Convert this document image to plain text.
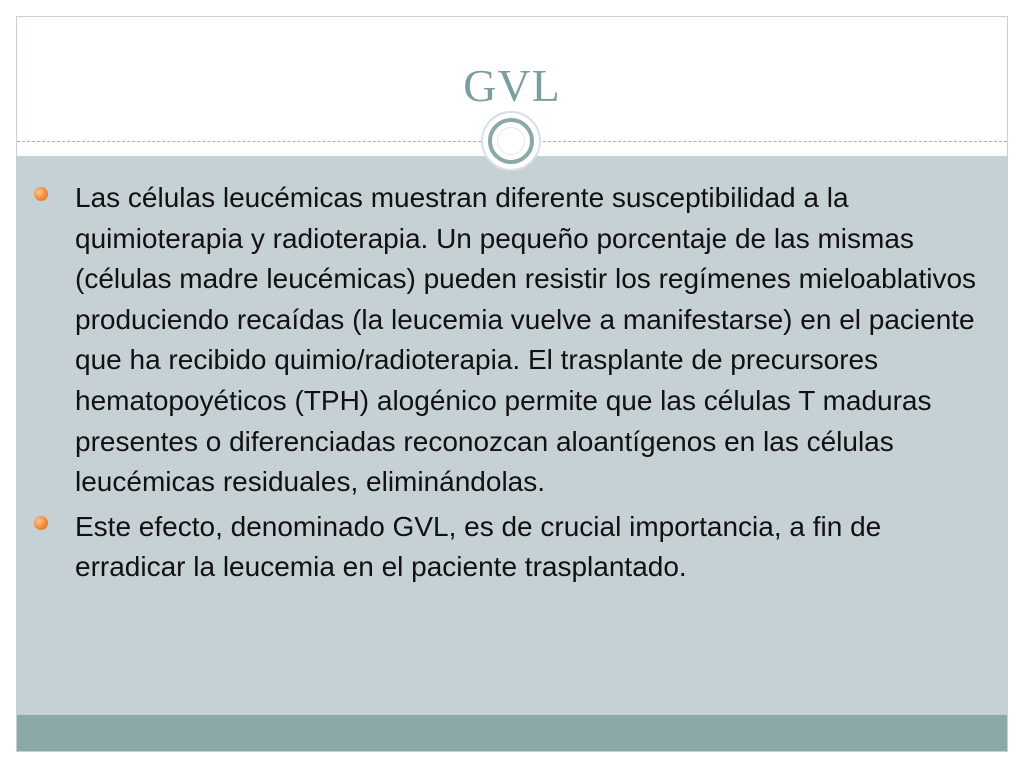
GVL
Las células leucémicas muestran diferente susceptibilidad a la quimioterapia y radioterapia. Un pequeño porcentaje de las mismas (células madre leucémicas) pueden resistir los regímenes mieloablativos produciendo recaídas (la leucemia vuelve a manifestarse) en el paciente que ha recibido quimio/radioterapia. El trasplante de precursores hematopoyéticos (TPH) alogénico permite que las células T maduras presentes o diferenciadas reconozcan aloantígenos en las células leucémicas residuales, eliminándolas.
Este efecto, denominado GVL, es de crucial importancia, a fin de erradicar la leucemia en el paciente trasplantado.
